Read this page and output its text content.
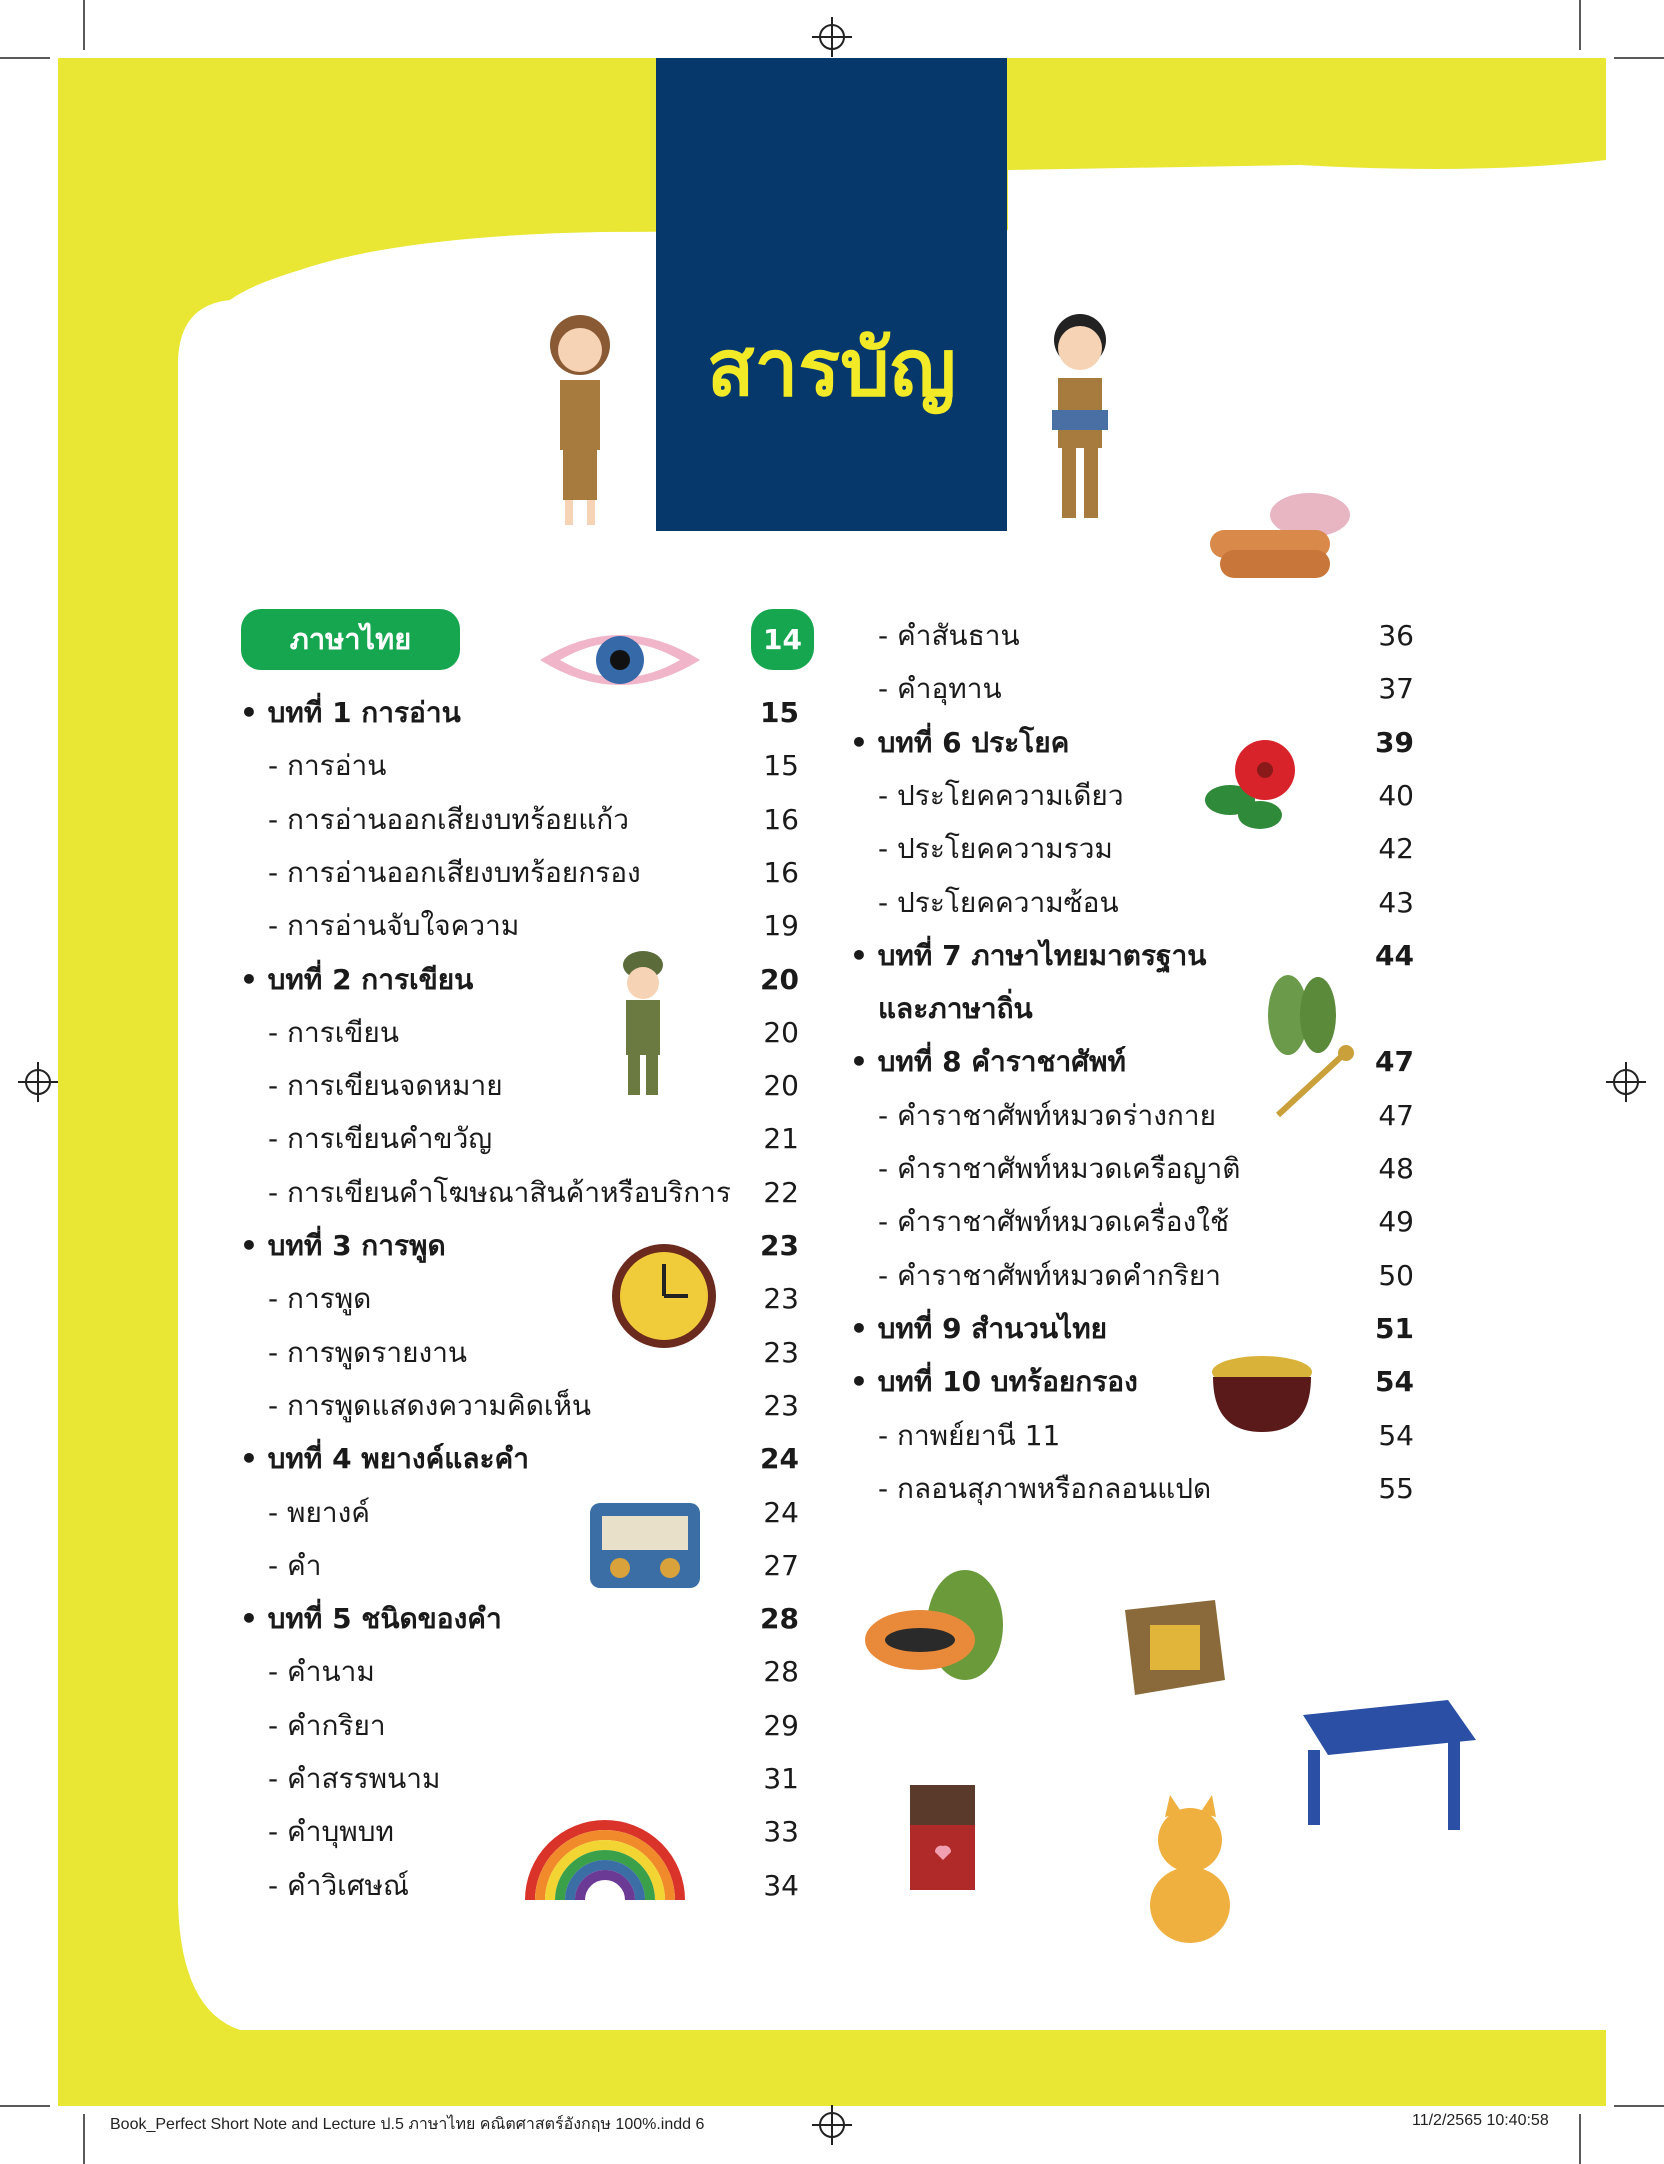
สารบัญ
ภาษาไทย	14
• บทที่ 1 การอ่าน	15
- การอ่าน	15
- การอ่านออกเสียงบทร้อยแก้ว	16
- การอ่านออกเสียงบทร้อยกรอง	16
- การอ่านจับใจความ	19
• บทที่ 2 การเขียน	20
- การเขียน	20
- การเขียนจดหมาย	20
- การเขียนคำขวัญ	21
- การเขียนคำโฆษณาสินค้าหรือบริการ	22
• บทที่ 3 การพูด	23
- การพูด	23
- การพูดรายงาน	23
- การพูดแสดงความคิดเห็น	23
• บทที่ 4 พยางค์และคำ	24
- พยางค์	24
- คำ	27
• บทที่ 5 ชนิดของคำ	28
- คำนาม	28
- คำกริยา	29
- คำสรรพนาม	31
- คำบุพบท	33
- คำวิเศษณ์	34
- คำสันธาน	36
- คำอุทาน	37
• บทที่ 6 ประโยค	39
- ประโยคความเดียว	40
- ประโยคความรวม	42
- ประโยคความซ้อน	43
• บทที่ 7 ภาษาไทยมาตรฐาน	44
และภาษาถิ่น
• บทที่ 8 คำราชาศัพท์	47
- คำราชาศัพท์หมวดร่างกาย	47
- คำราชาศัพท์หมวดเครือญาติ	48
- คำราชาศัพท์หมวดเครื่องใช้	49
- คำราชาศัพท์หมวดคำกริยา	50
• บทที่ 9 สำนวนไทย	51
• บทที่ 10 บทร้อยกรอง	54
- กาพย์ยานี 11	54
- กลอนสุภาพหรือกลอนแปด	55
Book_Perfect Short Note and Lecture ป.5 ภาษาไทย คณิตศาสตร์อังกฤษ 100%.indd 6	11/2/2565 10:40:58
